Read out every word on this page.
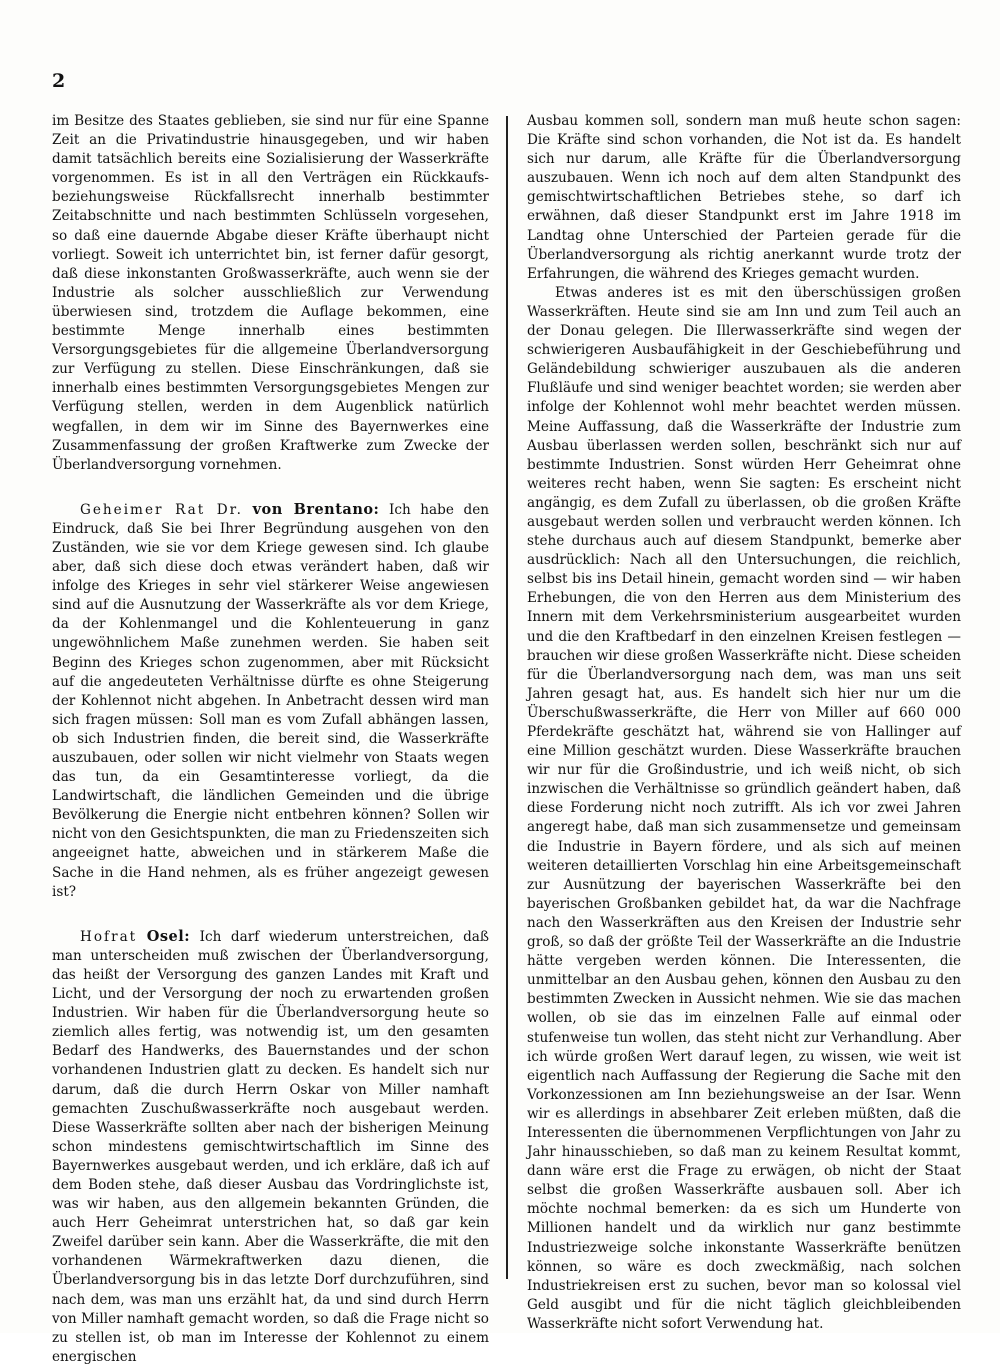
2

im Besitze des Staates geblieben, sie sind nur für eine Spanne Zeit an die Privatindustrie hinausgegeben, und wir haben damit tatsächlich bereits eine Sozialisierung der Wasserkräfte vorgenommen. Es ist in all den Verträgen ein Rückkaufs- beziehungsweise Rückfallsrecht innerhalb bestimmter Zeitabschnitte und nach bestimmten Schlüsseln vorgesehen, so daß eine dauernde Abgabe dieser Kräfte überhaupt nicht vorliegt. Soweit ich unterrichtet bin, ist ferner dafür gesorgt, daß diese inkonstanten Großwasserkräfte, auch wenn sie der Industrie als solcher ausschließlich zur Verwendung überwiesen sind, trotzdem die Auflage bekommen, eine bestimmte Menge innerhalb eines bestimmten Versorgungsgebietes für die allgemeine Überlandversorgung zur Verfügung zu stellen. Diese Einschränkungen, daß sie innerhalb eines bestimmten Versorgungsgebietes Mengen zur Verfügung stellen, werden in dem Augenblick natürlich wegfallen, in dem wir im Sinne des Bayernwerkes eine Zusammenfassung der großen Kraftwerke zum Zwecke der Überlandversorgung vornehmen.

Geheimer Rat Dr. von Brentano: Ich habe den Eindruck, daß Sie bei Ihrer Begründung ausgehen von den Zuständen, wie sie vor dem Kriege gewesen sind. Ich glaube aber, daß sich diese doch etwas verändert haben, daß wir infolge des Krieges in sehr viel stärkerer Weise angewiesen sind auf die Ausnutzung der Wasserkräfte als vor dem Kriege, da der Kohlenmangel und die Kohlenteuerung in ganz ungewöhnlichem Maße zunehmen werden. Sie haben seit Beginn des Krieges schon zugenommen, aber mit Rücksicht auf die angedeuteten Verhältnisse dürfte es ohne Steigerung der Kohlennot nicht abgehen. In Anbetracht dessen wird man sich fragen müssen: Soll man es vom Zufall abhängen lassen, ob sich Industrien finden, die bereit sind, die Wasserkräfte auszubauen, oder sollen wir nicht vielmehr von Staats wegen das tun, da ein Gesamtinteresse vorliegt, da die Landwirtschaft, die ländlichen Gemeinden und die übrige Bevölkerung die Energie nicht entbehren können? Sollen wir nicht von den Gesichtspunkten, die man zu Friedenszeiten sich angeeignet hatte, abweichen und in stärkerem Maße die Sache in die Hand nehmen, als es früher angezeigt gewesen ist?

Hofrat Osel: Ich darf wiederum unterstreichen, daß man unterscheiden muß zwischen der Überlandversorgung, das heißt der Versorgung des ganzen Landes mit Kraft und Licht, und der Versorgung der noch zu erwartenden großen Industrien. Wir haben für die Überlandversorgung heute so ziemlich alles fertig, was notwendig ist, um den gesamten Bedarf des Handwerks, des Bauernstandes und der schon vorhandenen Industrien glatt zu decken. Es handelt sich nur darum, daß die durch Herrn Oskar von Miller namhaft gemachten Zuschußwasserkräfte noch ausgebaut werden. Diese Wasserkräfte sollten aber nach der bisherigen Meinung schon mindestens gemischtwirtschaftlich im Sinne des Bayernwerkes ausgebaut werden, und ich erkläre, daß ich auf dem Boden stehe, daß dieser Ausbau das Vordringlichste ist, was wir haben, aus den allgemein bekannten Gründen, die auch Herr Geheimrat unterstrichen hat, so daß gar kein Zweifel darüber sein kann. Aber die Wasserkräfte, die mit den vorhandenen Wärmekraftwerken dazu dienen, die Überlandversorgung bis in das letzte Dorf durchzuführen, sind nach dem, was man uns erzählt hat, da und sind durch Herrn von Miller namhaft gemacht worden, so daß die Frage nicht so zu stellen ist, ob man im Interesse der Kohlennot zu einem energischen

Ausbau kommen soll, sondern man muß heute schon sagen: Die Kräfte sind schon vorhanden, die Not ist da. Es handelt sich nur darum, alle Kräfte für die Überlandversorgung auszubauen. Wenn ich noch auf dem alten Standpunkt des gemischtwirtschaftlichen Betriebes stehe, so darf ich erwähnen, daß dieser Standpunkt erst im Jahre 1918 im Landtag ohne Unterschied der Parteien gerade für die Überlandversorgung als richtig anerkannt wurde trotz der Erfahrungen, die während des Krieges gemacht wurden.

Etwas anderes ist es mit den überschüssigen großen Wasserkräften. Heute sind sie am Inn und zum Teil auch an der Donau gelegen. Die Illerwasserkräfte sind wegen der schwierigeren Ausbaufähigkeit in der Geschiebeführung und Geländebildung schwieriger auszubauen als die anderen Flußläufe und sind weniger beachtet worden; sie werden aber infolge der Kohlennot wohl mehr beachtet werden müssen. Meine Auffassung, daß die Wasserkräfte der Industrie zum Ausbau überlassen werden sollen, beschränkt sich nur auf bestimmte Industrien. Sonst würden Herr Geheimrat ohne weiteres recht haben, wenn Sie sagten: Es erscheint nicht angängig, es dem Zufall zu überlassen, ob die großen Kräfte ausgebaut werden sollen und verbraucht werden können. Ich stehe durchaus auch auf diesem Standpunkt, bemerke aber ausdrücklich: Nach all den Untersuchungen, die reichlich, selbst bis ins Detail hinein, gemacht worden sind — wir haben Erhebungen, die von den Herren aus dem Ministerium des Innern mit dem Verkehrsministerium ausgearbeitet wurden und die den Kraftbedarf in den einzelnen Kreisen festlegen — brauchen wir diese großen Wasserkräfte nicht. Diese scheiden für die Überlandversorgung nach dem, was man uns seit Jahren gesagt hat, aus. Es handelt sich hier nur um die Überschußwasserkräfte, die Herr von Miller auf 660 000 Pferdekräfte geschätzt hat, während sie von Hallinger auf eine Million geschätzt wurden. Diese Wasserkräfte brauchen wir nur für die Großindustrie, und ich weiß nicht, ob sich inzwischen die Verhältnisse so gründlich geändert haben, daß diese Forderung nicht noch zutrifft. Als ich vor zwei Jahren angeregt habe, daß man sich zusammensetze und gemeinsam die Industrie in Bayern fördere, und als sich auf meinen weiteren detaillierten Vorschlag hin eine Arbeitsgemeinschaft zur Ausnützung der bayerischen Wasserkräfte bei den bayerischen Großbanken gebildet hat, da war die Nachfrage nach den Wasserkräften aus den Kreisen der Industrie sehr groß, so daß der größte Teil der Wasserkräfte an die Industrie hätte vergeben werden können. Die Interessenten, die unmittelbar an den Ausbau gehen, können den Ausbau zu den bestimmten Zwecken in Aussicht nehmen. Wie sie das machen wollen, ob sie das im einzelnen Falle auf einmal oder stufenweise tun wollen, das steht nicht zur Verhandlung. Aber ich würde großen Wert darauf legen, zu wissen, wie weit ist eigentlich nach Auffassung der Regierung die Sache mit den Vorkonzessionen am Inn beziehungsweise an der Isar. Wenn wir es allerdings in absehbarer Zeit erleben müßten, daß die Interessenten die übernommenen Verpflichtungen von Jahr zu Jahr hinausschieben, so daß man zu keinem Resultat kommt, dann wäre erst die Frage zu erwägen, ob nicht der Staat selbst die großen Wasserkräfte ausbauen soll. Aber ich möchte nochmal bemerken: da es sich um Hunderte von Millionen handelt und da wirklich nur ganz bestimmte Industriezweige solche inkonstante Wasserkräfte benützen können, so wäre es doch zweckmäßig, nach solchen Industriekreisen erst zu suchen, bevor man so kolossal viel Geld ausgibt und für die nicht täglich gleichbleibenden Wasserkräfte nicht sofort Verwendung hat.
